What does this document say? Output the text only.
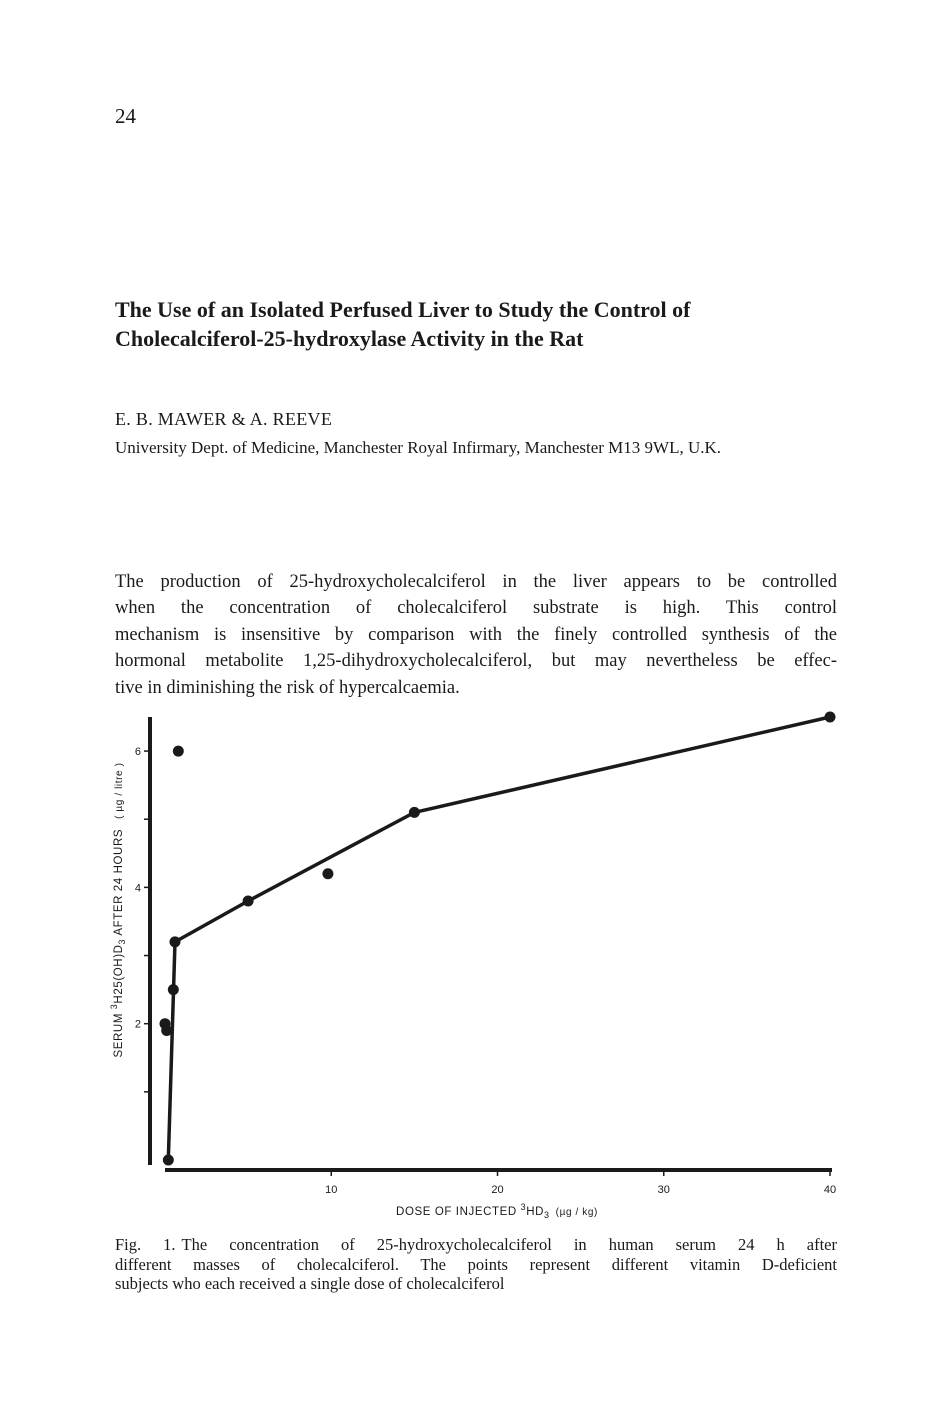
24
The Use of an Isolated Perfused Liver to Study the Control of
Cholecalciferol-25-hydroxylase Activity in the Rat
E. B. MAWER & A. REEVE
University Dept. of Medicine, Manchester Royal Infirmary, Manchester M13 9WL, U.K.
The production of 25-hydroxycholecalciferol in the liver appears to be controlled
when the concentration of cholecalciferol substrate is high. This control
mechanism is insensitive by comparison with the finely controlled synthesis of the
hormonal metabolite 1,25-dihydroxycholecalciferol, but may nevertheless be effec-
tive in diminishing the risk of hypercalcaemia.
2
4
6
10	20	30	40
DOSE OF INJECTED $^3HD_3$ (µg / kg)
SERUM $^3H25(OH)D_3$ AFTER 24 HOURS( µg / litre )
Fig. 1. The concentration of 25-hydroxycholecalciferol in human serum 24 h after
different masses of cholecalciferol. The points represent different vitamin D-deficient
subjects who each received a single dose of cholecalciferol
